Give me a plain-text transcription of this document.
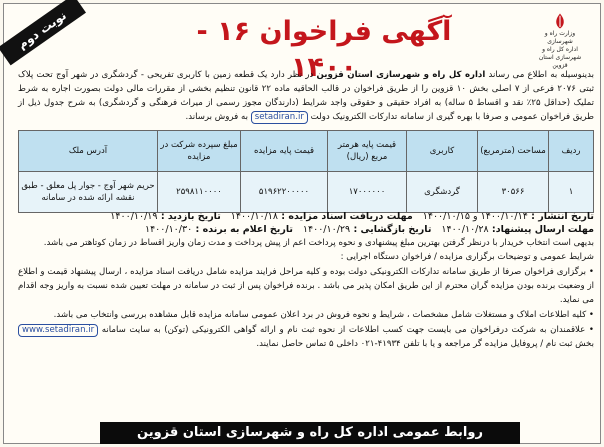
نوبت دوم	آگهی فراخوان ۱۶ - ۱۴۰۰
وزارت راه و شهرسازی
اداره کل راه و شهرسازی استان قزوین
بدینوسیله به اطلاع می رساند اداره کل راه و شهرسازی استان قزوین در نظر دارد یک قطعه زمین با کاربری تفریحی - گردشگری در شهر آوج تحت پلاک ثبتی ۲۰۷۶ فرعی از ۷ اصلی بخش ۱۰ قزوین را از طریق فراخوان در قالب الحاقیه ماده ۲۲ قانون تنظیم بخشی از مقررات مالی دولت بصورت اجاره به شرط تملیک (حداقل ۲۵٪ نقد و اقساط ۵ ساله) به افراد حقیقی و حقوقی واجد شرایط (دارندگان مجوز رسمی از میراث فرهنگی و گردشگری) به شرح جدول ذیل از طریق فراخوان عمومی و صرفا با بهره گیری از سامانه تدارکات الکترونیک دولت setadiran.ir به فروش برساند.
ردیف	مساحت (مترمربع)	کاربری	قیمت پایه هرمتر مربع (ریال)	قیمت پایه مزایده	مبلغ سپرده شرکت در مزایده	آدرس ملک
۱	۳۰۵۶۶	گردشگری	۱۷۰۰۰۰۰۰	۵۱۹۶۲۲۰۰۰۰۰	۲۵۹۸۱۱۰۰۰۰	حریم شهر آوج - جوار پل معلق - طبق نقشه ارائه شده در سامانه
تاریخ انتشار : ۱۴۰۰/۱۰/۱۴ و ۱۴۰۰/۱۰/۱۵   مهلت دریافت اسناد مزایده : ۱۴۰۰/۱۰/۱۸   تاریخ بازدید : ۱۴۰۰/۱۰/۱۹
مهلت ارسال پیشنهاد: ۱۴۰۰/۱۰/۲۸   تاریخ بازگشایی : ۱۴۰۰/۱۰/۲۹   تاریخ اعلام به برنده : ۱۴۰۰/۱۰/۳۰
بدیهی است انتخاب خریدار با درنظر گرفتن بهترین مبلغ پیشنهادی و نحوه پرداخت اعم از پیش پرداخت و مدت زمان واریز اقساط در زمان کوتاهتر می باشد.
شرایط عمومی و توضیحات برگزاری مزایده / فراخوان دستگاه اجرایی :
• برگزاری فراخوان صرفا از طریق سامانه تدارکات الکترونیکی دولت بوده و کلیه مراحل فرایند مزایده شامل دریافت اسناد مزایده ، ارسال پیشنهاد قیمت و اطلاع از وضعیت برنده بودن مزایده گران محترم از این طریق امکان پذیر می باشد . برنده فراخوان پس از ثبت در سامانه در مهلت تعیین شده نسبت به واریز وجه اقدام می نماید.
• کلیه اطلاعات املاک و مستغلات شامل مشخصات ، شرایط و نحوه فروش در برد اعلان عمومی سامانه مزایده قابل مشاهده بررسی وانتخاب می باشد.
• علاقمندان به شرکت درفراخوان می بایست جهت کسب اطلاعات از نحوه ثبت نام و ارائه گواهی الکترونیکی (توکن) به سایت سامانه www.setadiran.ir بخش ثبت نام / پروفایل مزایده گر مراجعه و یا با تلفن ۴۱۹۳۴-۰۲۱ داخلی ۵ تماس حاصل نمایند.
روابط عمومی اداره کل راه و شهرسازی استان قزوین
